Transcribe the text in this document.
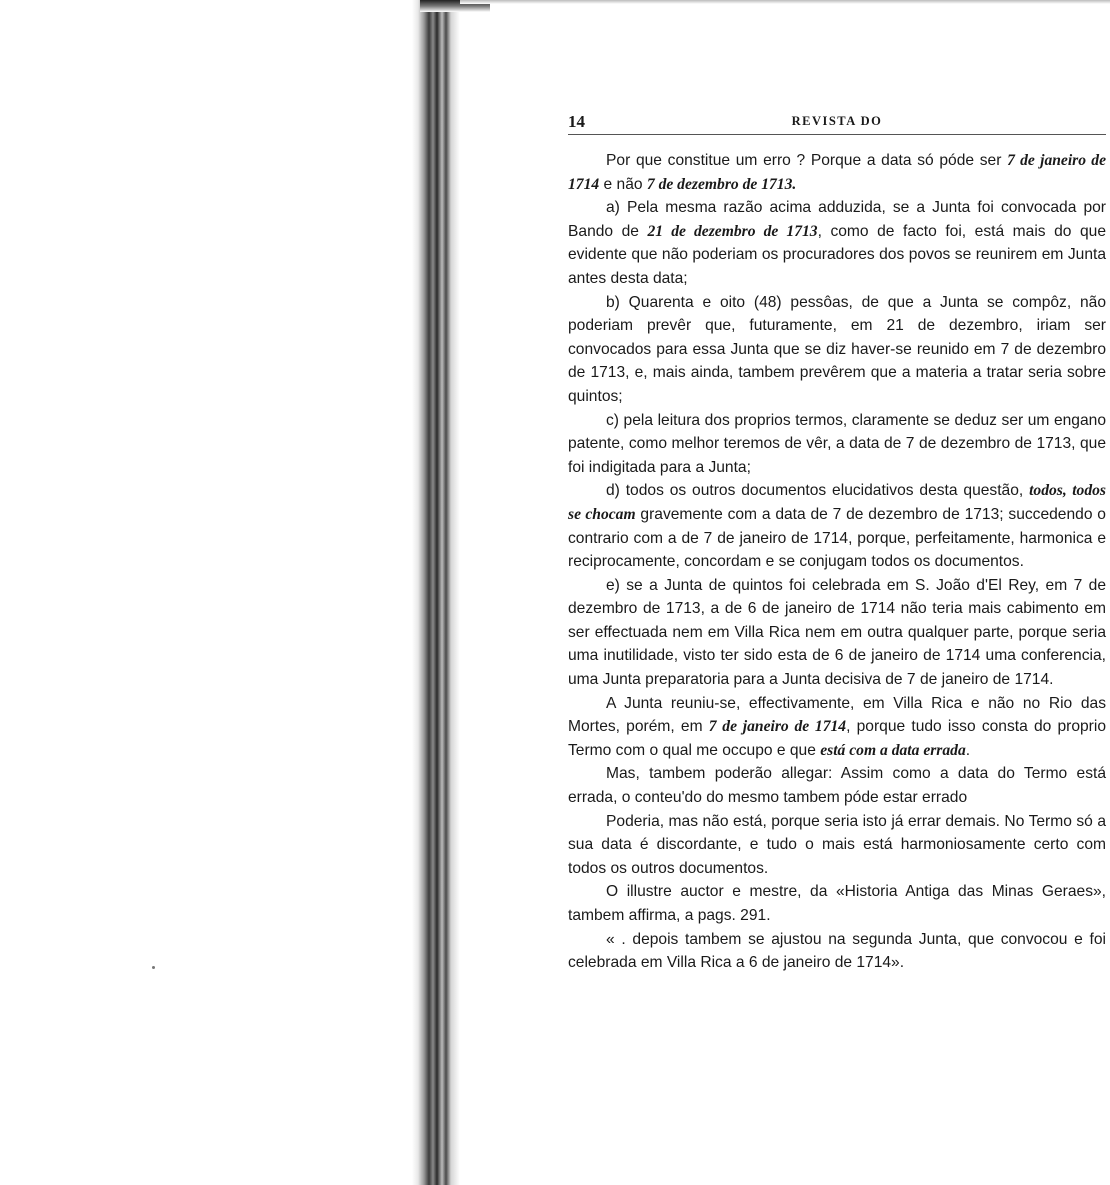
14	REVISTA DO

Por que constitue um erro ? Porque a data só póde ser 7 de janeiro de 1714 e não 7 de dezembro de 1713.

a) Pela mesma razão acima adduzida, se a Junta foi convocada por Bando de 21 de dezembro de 1713, como de facto foi, está mais do que evidente que não poderiam os procuradores dos povos se reunirem em Junta antes desta data;

b) Quarenta e oito (48) pessôas, de que a Junta se compôz, não poderiam prevêr que, futuramente, em 21 de dezembro, iriam ser convocados para essa Junta que se diz haver-se reunido em 7 de dezembro de 1713, e, mais ainda, tambem prevêrem que a materia a tratar seria sobre quintos;

c) pela leitura dos proprios termos, claramente se deduz ser um engano patente, como melhor teremos de vêr, a data de 7 de dezembro de 1713, que foi indigitada para a Junta;

d) todos os outros documentos elucidativos desta questão, todos, todos se chocam gravemente com a data de 7 de dezembro de 1713; succedendo o contrario com a de 7 de janeiro de 1714, porque, perfeitamente, harmonica e reciprocamente, concordam e se conjugam todos os documentos.

e) se a Junta de quintos foi celebrada em S. João d'El Rey, em 7 de dezembro de 1713, a de 6 de janeiro de 1714 não teria mais cabimento em ser effectuada nem em Villa Rica nem em outra qualquer parte, porque seria uma inutilidade, visto ter sido esta de 6 de janeiro de 1714 uma conferencia, uma Junta preparatoria para a Junta decisiva de 7 de janeiro de 1714.

A Junta reuniu-se, effectivamente, em Villa Rica e não no Rio das Mortes, porém, em 7 de janeiro de 1714, porque tudo isso consta do proprio Termo com o qual me occupo e que está com a data errada.

Mas, tambem poderão allegar: Assim como a data do Termo está errada, o conteu'do do mesmo tambem póde estar errado

Poderia, mas não está, porque seria isto já errar demais. No Termo só a sua data é discordante, e tudo o mais está harmoniosamente certo com todos os outros documentos.

O illustre auctor e mestre, da «Historia Antiga das Minas Geraes», tambem affirma, a pags. 291.

« . depois tambem se ajustou na segunda Junta, que convocou e foi celebrada em Villa Rica a 6 de janeiro de 1714».
